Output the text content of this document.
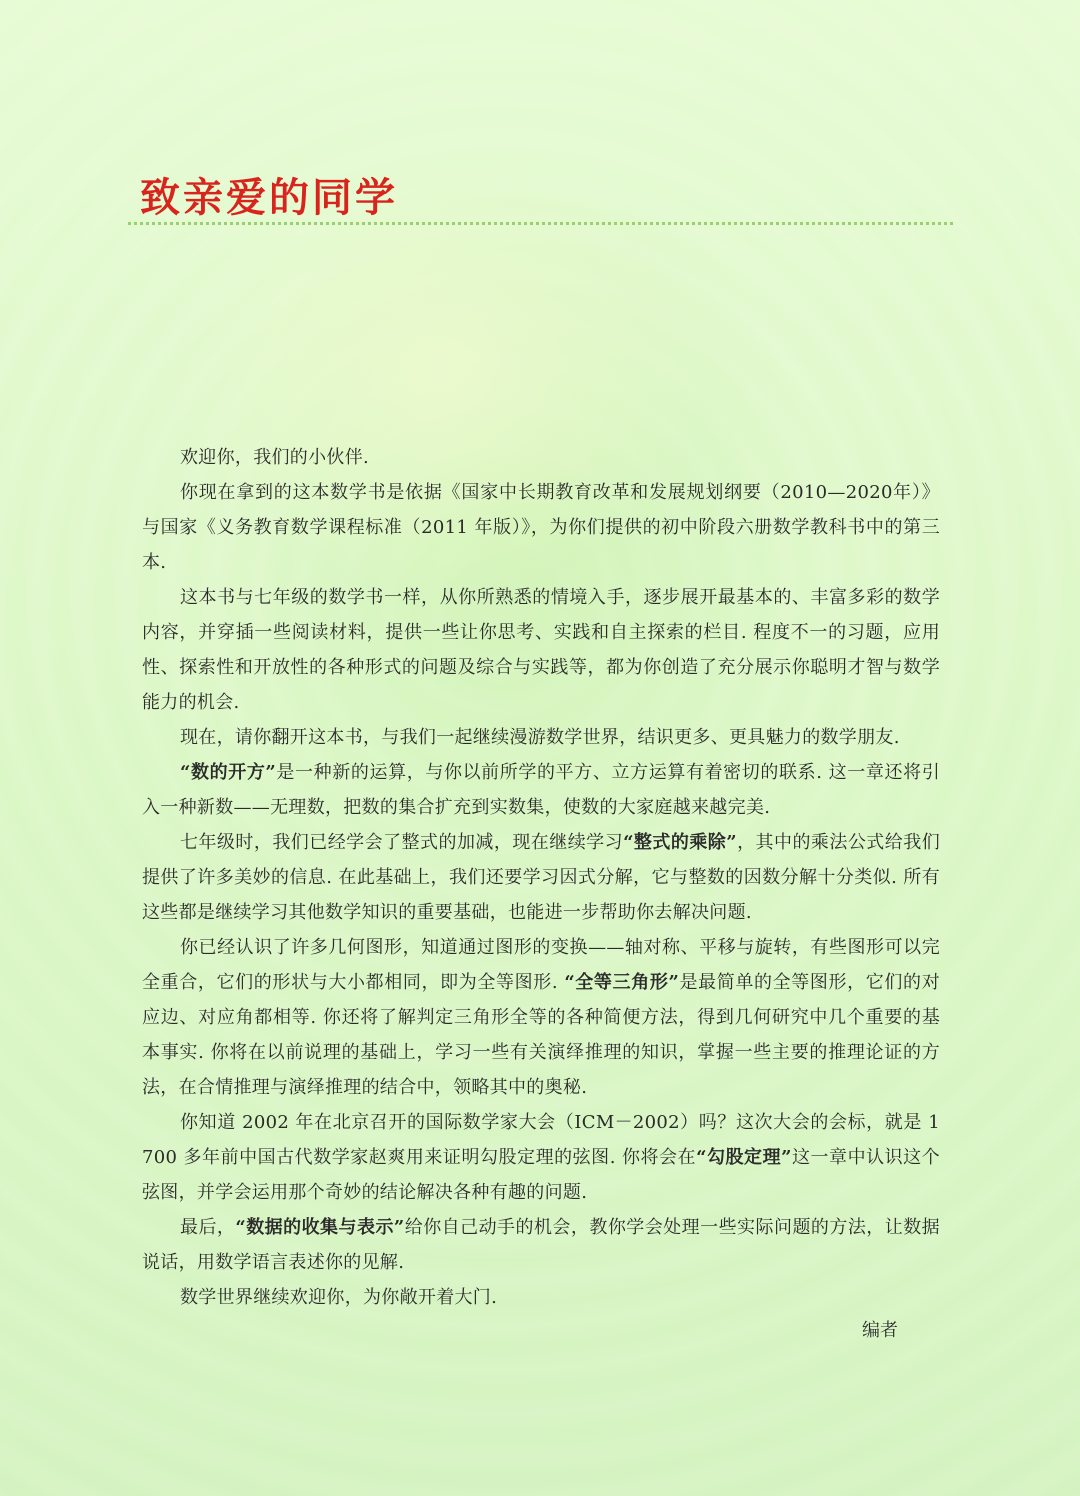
致亲爱的同学

欢迎你，我们的小伙伴.

你现在拿到的这本数学书是依据《国家中长期教育改革和发展规划纲要（2010—2020年）》与国家《义务教育数学课程标准（2011 年版）》，为你们提供的初中阶段六册数学教科书中的第三本.

这本书与七年级的数学书一样，从你所熟悉的情境入手，逐步展开最基本的、丰富多彩的数学内容，并穿插一些阅读材料，提供一些让你思考、实践和自主探索的栏目. 程度不一的习题，应用性、探索性和开放性的各种形式的问题及综合与实践等，都为你创造了充分展示你聪明才智与数学能力的机会.

现在，请你翻开这本书，与我们一起继续漫游数学世界，结识更多、更具魅力的数学朋友.

“数的开方”是一种新的运算，与你以前所学的平方、立方运算有着密切的联系. 这一章还将引入一种新数——无理数，把数的集合扩充到实数集，使数的大家庭越来越完美.

七年级时，我们已经学会了整式的加减，现在继续学习“整式的乘除”，其中的乘法公式给我们提供了许多美妙的信息. 在此基础上，我们还要学习因式分解，它与整数的因数分解十分类似. 所有这些都是继续学习其他数学知识的重要基础，也能进一步帮助你去解决问题.

你已经认识了许多几何图形，知道通过图形的变换——轴对称、平移与旋转，有些图形可以完全重合，它们的形状与大小都相同，即为全等图形. “全等三角形”是最简单的全等图形，它们的对应边、对应角都相等. 你还将了解判定三角形全等的各种简便方法，得到几何研究中几个重要的基本事实. 你将在以前说理的基础上，学习一些有关演绎推理的知识，掌握一些主要的推理论证的方法，在合情推理与演绎推理的结合中，领略其中的奥秘.

你知道 2002 年在北京召开的国际数学家大会（ICM－2002）吗？这次大会的会标，就是 1 700 多年前中国古代数学家赵爽用来证明勾股定理的弦图. 你将会在“勾股定理”这一章中认识这个弦图，并学会运用那个奇妙的结论解决各种有趣的问题.

最后，“数据的收集与表示”给你自己动手的机会，教你学会处理一些实际问题的方法，让数据说话，用数学语言表述你的见解.

数学世界继续欢迎你，为你敞开着大门.

编者
